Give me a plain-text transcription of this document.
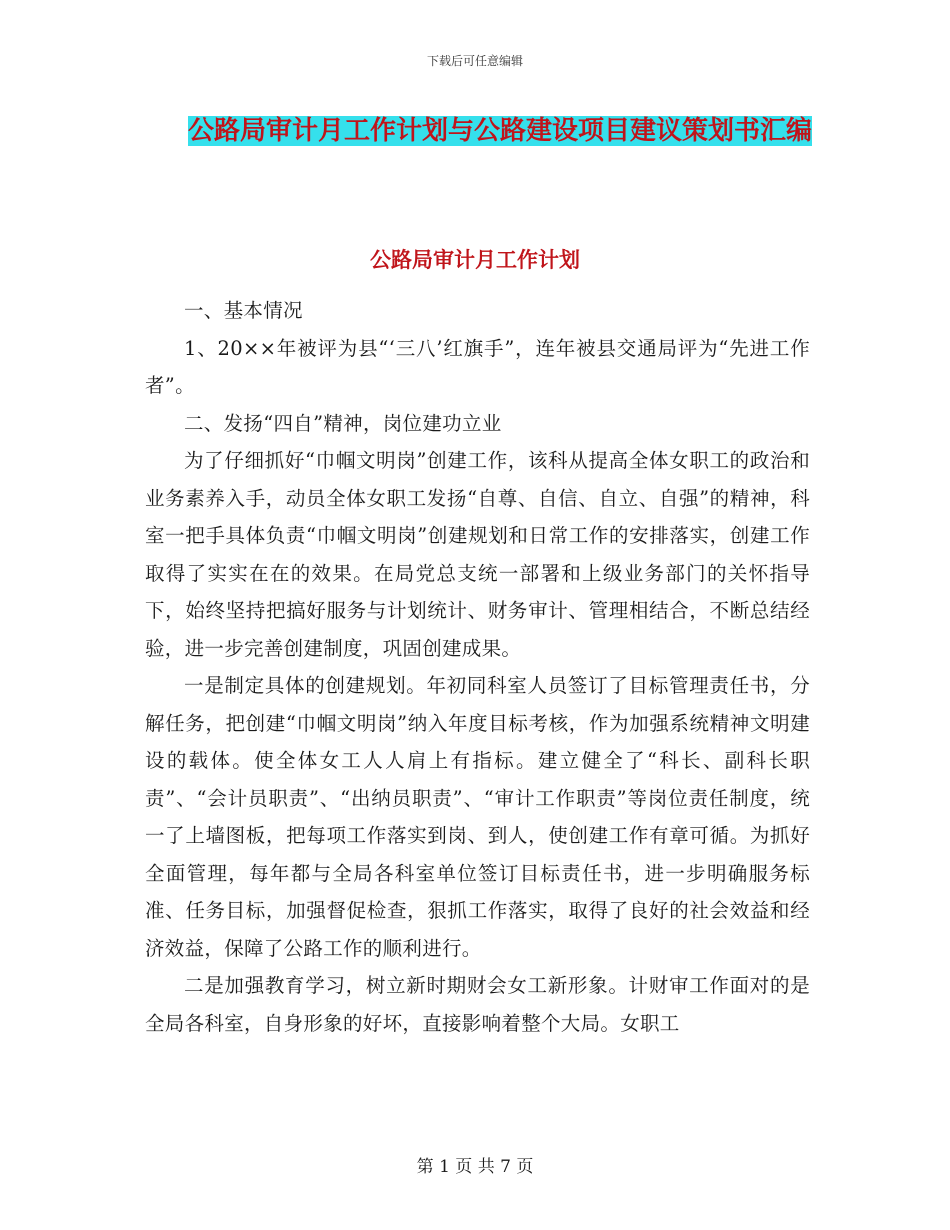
下载后可任意编辑
公路局审计月工作计划与公路建设项目建议策划书汇编
公路局审计月工作计划

一、基本情况

1、20××年被评为县“‘三八’红旗手”，连年被县交通局评为“先进工作者”。

二、发扬“四自”精神，岗位建功立业

为了仔细抓好“巾帼文明岗”创建工作，该科从提高全体女职工的政治和业务素养入手，动员全体女职工发扬“自尊、自信、自立、自强”的精神，科室一把手具体负责“巾帼文明岗”创建规划和日常工作的安排落实，创建工作取得了实实在在的效果。在局党总支统一部署和上级业务部门的关怀指导下，始终坚持把搞好服务与计划统计、财务审计、管理相结合，不断总结经验，进一步完善创建制度，巩固创建成果。

一是制定具体的创建规划。年初同科室人员签订了目标管理责任书，分解任务，把创建“巾帼文明岗”纳入年度目标考核，作为加强系统精神文明建设的载体。使全体女工人人肩上有指标。建立健全了“科长、副科长职责”、“会计员职责”、“出纳员职责”、“审计工作职责”等岗位责任制度，统一了上墙图板，把每项工作落实到岗、到人，使创建工作有章可循。为抓好全面管理，每年都与全局各科室单位签订目标责任书，进一步明确服务标准、任务目标，加强督促检查，狠抓工作落实，取得了良好的社会效益和经济效益，保障了公路工作的顺利进行。

二是加强教育学习，树立新时期财会女工新形象。计财审工作面对的是全局各科室，自身形象的好坏，直接影响着整个大局。女职工

第 1 页 共 7 页
